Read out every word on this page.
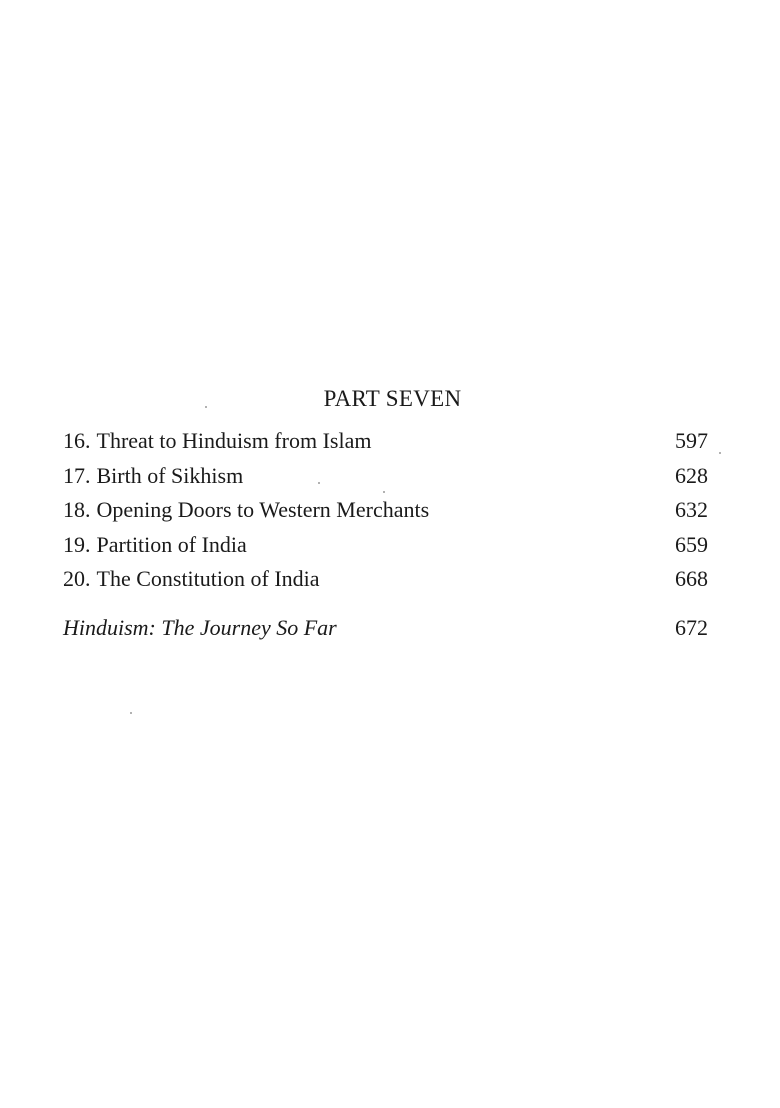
PART SEVEN
16. Threat to Hinduism from Islam	597
17. Birth of Sikhism	628
18. Opening Doors to Western Merchants	632
19. Partition of India	659
20. The Constitution of India	668
Hinduism: The Journey So Far	672
